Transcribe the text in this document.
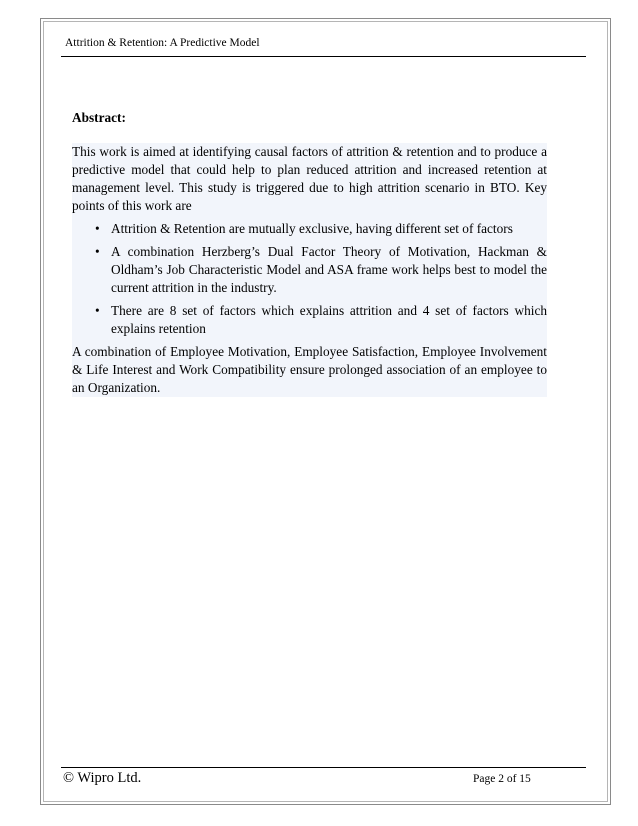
Attrition & Retention: A Predictive Model
Abstract:

This work is aimed at identifying causal factors of attrition & retention and to produce a predictive model that could help to plan reduced attrition and increased retention at management level. This study is triggered due to high attrition scenario in BTO. Key points of this work are

• Attrition & Retention are mutually exclusive, having different set of factors
• A combination Herzberg’s Dual Factor Theory of Motivation, Hackman & Oldham’s Job Characteristic Model and ASA frame work helps best to model the current attrition in the industry.
• There are 8 set of factors which explains attrition and 4 set of factors which explains retention

A combination of Employee Motivation, Employee Satisfaction, Employee Involvement & Life Interest and Work Compatibility ensure prolonged association of an employee to an Organization.

© Wipro Ltd.	Page 2 of 15
